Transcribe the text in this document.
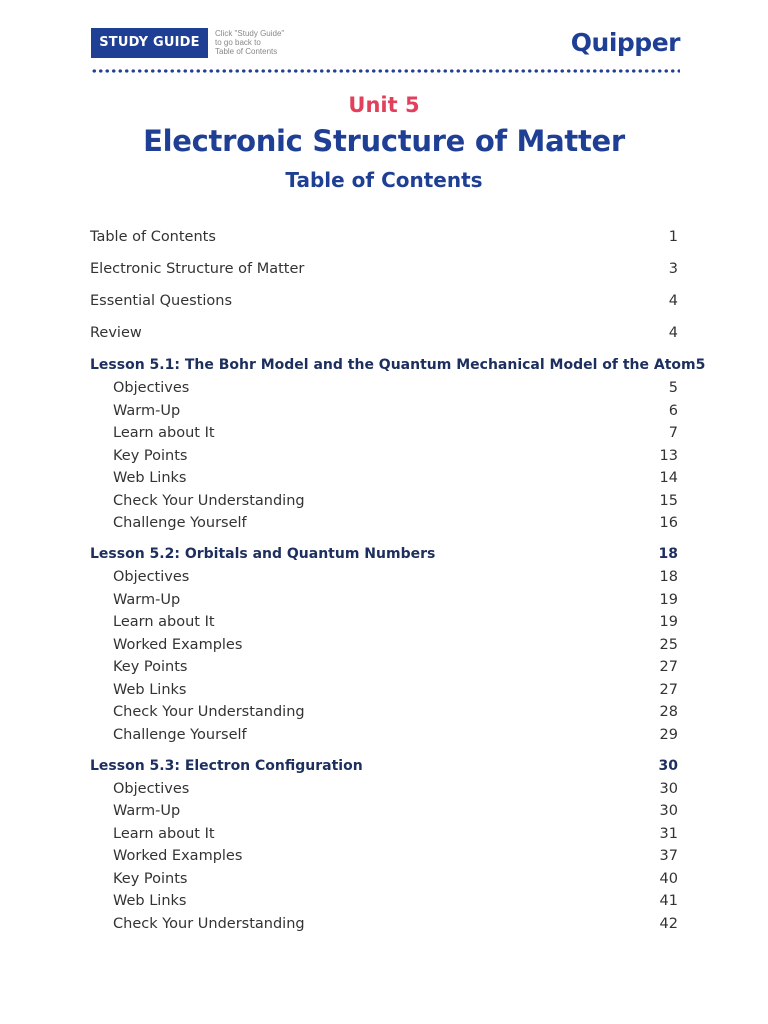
STUDY GUIDE
Click "Study Guide"
to go back to
Table of Contents	Quipper
Unit 5
Electronic Structure of Matter
Table of Contents
Table of Contents	1
Electronic Structure of Matter	3
Essential Questions	4
Review	4
Lesson 5.1: The Bohr Model and the Quantum Mechanical Model of the Atom 5
Objectives	5
Warm-Up	6
Learn about It	7
Key Points	13
Web Links	14
Check Your Understanding	15
Challenge Yourself	16
Lesson 5.2: Orbitals and Quantum Numbers	18
Objectives	18
Warm-Up	19
Learn about It	19
Worked Examples	25
Key Points	27
Web Links	27
Check Your Understanding	28
Challenge Yourself	29
Lesson 5.3: Electron Configuration	30
Objectives	30
Warm-Up	30
Learn about It	31
Worked Examples	37
Key Points	40
Web Links	41
Check Your Understanding	42
